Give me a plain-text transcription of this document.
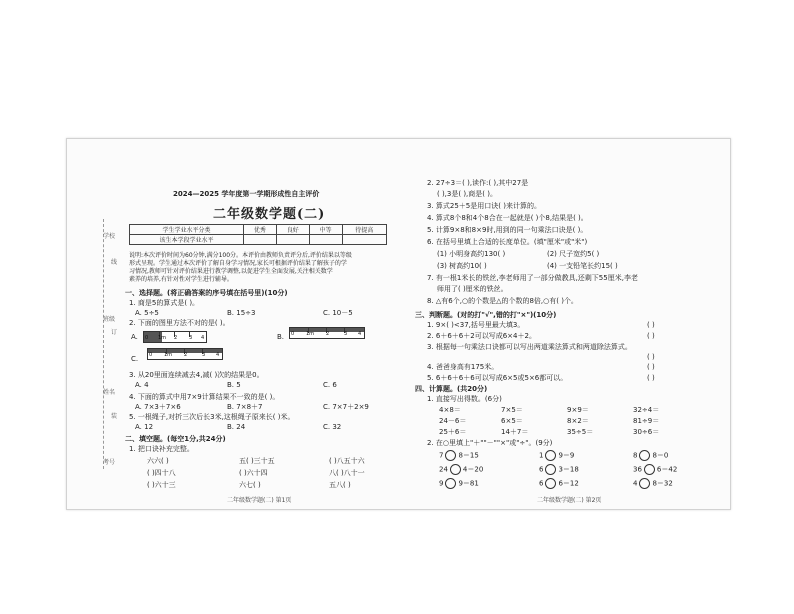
学校
班级
姓名
考号
线
订
装
2024—2025 学年度第一学期形成性自主评价
二年级数学题(二)
学生学业水平分类	优秀	良好	中等	待提高
该生本学段学业水平				
说明:本次评价时间为60分钟,满分100分。本评价由教师负责评分后,评价结果以等级
形式呈现。学生通过本次评价了解自身学习情况,家长可根据评价结果了解孩子的学
习情况,教师可针对评价结果进行教学调整,以促进学生全面发展,关注相关数学
素养的培养,有针对性对学生进行辅导。
一、选择题。(将正确答案的序号填在括号里)(10分)
1. 商是5的算式是( )。
A. 5÷5	B. 15÷3	C. 10－5
2. 下面的图里方法不对的是( )。
A. 0 1m 2 3 4	B. 0 1m 2	3 4
C. 0 1m 2	3 4
3. 从20里面连续减去4,减( )次的结果是0。
A. 4	B. 5	C. 6
4. 下面的算式中用7×9计算结果不一致的是( )。
A. 7×3＋7×6	B. 7×8＋7	C. 7×7＋2×9
5. 一根绳子,对折三次后长3米,这根绳子原来长( )米。
A. 12	B. 24	C. 32
二、填空题。(每空1分,共24分)
1. 把口诀补充完整。
六六( )	五( )三十五	( )八五十六
( )四十八	( )六十四	八( )八十一
( )六十三	六七( )	五八( )
二年级数学题(二) 第1页
2. 27÷3＝( ),读作:( ),其中27是
( ),3是( ),商是( )。
3. 算式25＋5是用口诀( )来计算的。
4. 算式8个8和4个8合在一起就是( )个8,结果是( )。
5. 计算9×8和8×9时,用到的同一句乘法口诀是( )。
6. 在括号里填上合适的长度单位。(填"厘米"或"米")
(1) 小明身高约130( )	(2) 尺子宽约5( )
(3) 树高约10( )	(4) 一支铅笔长约15( )
7. 有一根1米长的铁丝,李老师用了一部分做教具,还剩下55厘米,李老
师用了( )厘米的铁丝。
8. △有6个,○的个数是△的个数的8倍,○有( )个。
三、判断题。(对的打"√",错的打"×")(10分)
1. 9×( )<37,括号里最大填3。	( )
2. 6＋6＋6＋2可以写成6×4＋2。	( )
3. 根据每一句乘法口诀都可以写出两道乘法算式和两道除法算式。
( )
4. 爸爸身高有175米。	( )
5. 6＋6＋6＋6可以写成6×5或5×6都可以。	( )
四、计算题。(共20分)
1. 直接写出得数。(6分)
4×8＝	7×5＝	9×9＝	32÷4＝
24－6＝	6×5＝	8×2＝	81÷9＝
25＋6＝	14＋7＝	35÷5＝	30÷6＝
2. 在○里填上"＋""－""×"或"÷"。(9分)
7 8＝15	1 9＝9	8 8＝0
24 4＝20	6 3＝18	36 6＝42
9 9＝81	6 6＝12	4 8＝32
二年级数学题(二) 第2页
